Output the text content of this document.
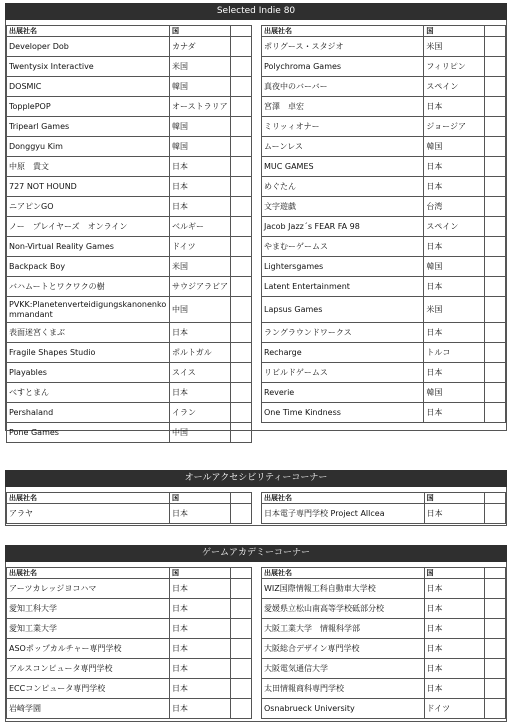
Selected Indie 80
出展社名	国	
Developer Dob	カナダ	
Twentysix Interactive	米国	
DOSMIC	韓国	
TopplePOP	オーストラリア	
Tripearl Games	韓国	
Donggyu Kim	韓国	
中原　貴文	日本	
727 NOT HOUND	日本	
ニアピンGO	日本	
ノー　プレイヤーズ　オンライン	ベルギー	
Non-Virtual Reality Games	ドイツ	
Backpack Boy	米国	
バハムートとワクワクの樹	サウジアラビア	
PVKK:Planetenverteidigungskanonenkommandant	中国	
表面迷宮くまぶ	日本	
Fragile Shapes Studio	ポルトガル	
Playables	スイス	
べすとまん	日本	
Pershaland	イラン	
Pone Games	中国	
出展社名	国	
ポリグース・スタジオ	米国	
Polychroma Games	フィリピン	
真夜中のバーバー	スペイン	
宮澤　卓宏	日本	
ミリッィオナー	ジョージア	
ムーンレス	韓国	
MUC GAMES	日本	
めぐたん	日本	
文字遊戯	台湾	
Jacob Jazz´s FEAR FA 98	スペイン	
やまむーゲームス	日本	
Lightersgames	韓国	
Latent Entertainment	日本	
Lapsus Games	米国	
ラングラウンドワークス	日本	
Recharge	トルコ	
リビルドゲームス	日本	
Reverie	韓国	
One Time Kindness	日本	
オールアクセシビリティーコーナー
出展社名	国	
アラヤ	日本	
出展社名	国	
日本電子専門学校 Project Allcea	日本	
ゲームアカデミーコーナー
出展社名	国	
アーツカレッジヨコハマ	日本	
愛知工科大学	日本	
愛知工業大学	日本	
ASOポップカルチャー専門学校	日本	
アルスコンピュータ専門学校	日本	
ECCコンピュータ専門学校	日本	
岩崎学園	日本	
出展社名	国	
WIZ国際情報工科自動車大学校	日本	
愛媛県立松山南高等学校砥部分校	日本	
大阪工業大学　情報科学部	日本	
大阪総合デザイン専門学校	日本	
大阪電気通信大学	日本	
太田情報商科専門学校	日本	
Osnabrueck University	ドイツ	
